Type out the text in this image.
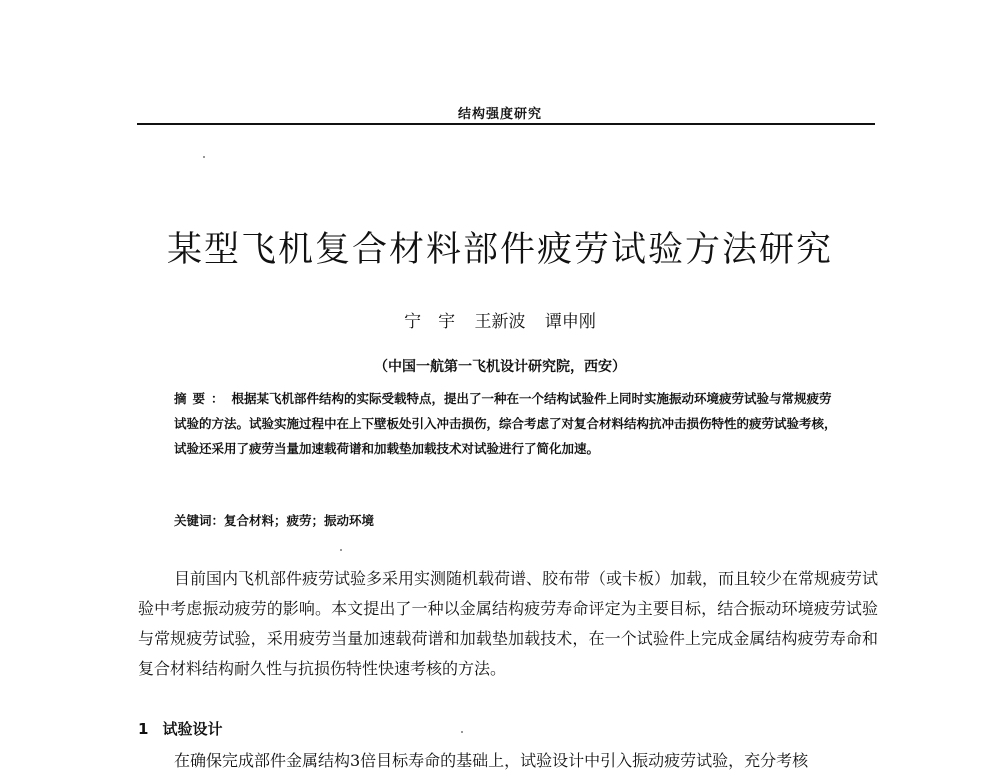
结构强度研究
某型飞机复合材料部件疲劳试验方法研究
宁　宇 王新波 谭申刚
（中国一航第一飞机设计研究院，西安）
摘要： 根据某飞机部件结构的实际受载特点，提出了一种在一个结构试验件上同时实施振动环境疲劳试验与常规疲劳试验的方法。试验实施过程中在上下壁板处引入冲击损伤，综合考虑了对复合材料结构抗冲击损伤特性的疲劳试验考核，试验还采用了疲劳当量加速载荷谱和加载垫加载技术对试验进行了简化加速。
关键词：复合材料；疲劳；振动环境
目前国内飞机部件疲劳试验多采用实测随机载荷谱、胶布带（或卡板）加载，而且较少在常规疲劳试验中考虑振动疲劳的影响。本文提出了一种以金属结构疲劳寿命评定为主要目标，结合振动环境疲劳试验与常规疲劳试验，采用疲劳当量加速载荷谱和加载垫加载技术，在一个试验件上完成金属结构疲劳寿命和复合材料结构耐久性与抗损伤特性快速考核的方法。
1 试验设计
在确保完成部件金属结构3倍目标寿命的基础上，试验设计中引入振动疲劳试验，充分考核
